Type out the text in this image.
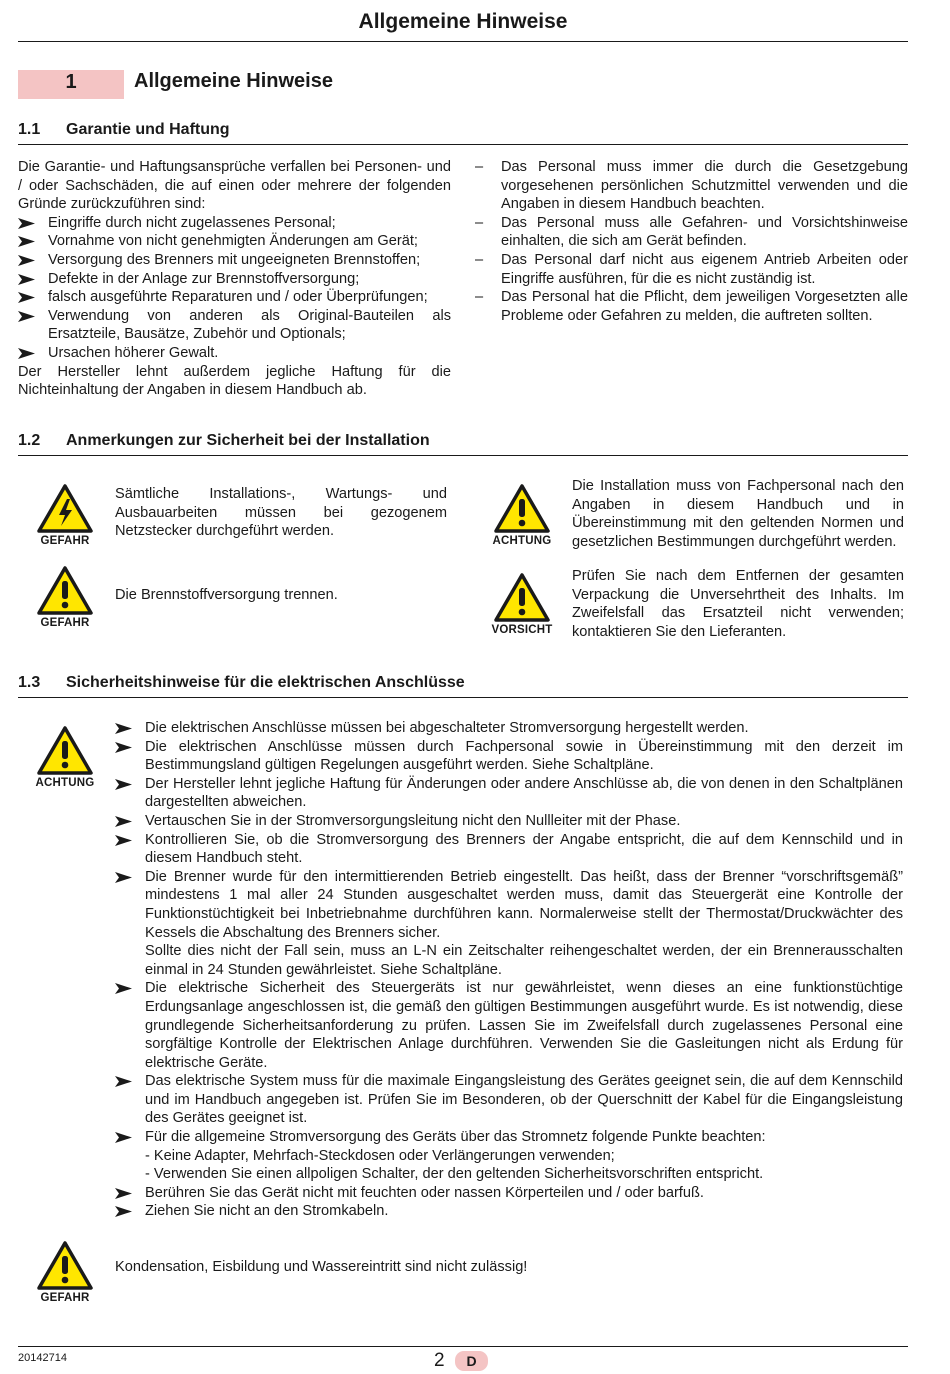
Allgemeine Hinweise
1	Allgemeine Hinweise
1.1 Garantie und Haftung
Die Garantie- und Haftungsansprüche verfallen bei Personen- und / oder Sachschäden, die auf einen oder mehrere der folgenden Gründe zurückzuführen sind:
Eingriffe durch nicht zugelassenes Personal;
Vornahme von nicht genehmigten Änderungen am Gerät;
Versorgung des Brenners mit ungeeigneten Brennstoffen;
Defekte in der Anlage zur Brennstoffversorgung;
falsch ausgeführte Reparaturen und / oder Überprüfungen;
Verwendung von anderen als Original-Bauteilen als Ersatzteile, Bausätze, Zubehör und Optionals;
Ursachen höherer Gewalt.
Der Hersteller lehnt außerdem jegliche Haftung für die Nichteinhaltung der Angaben in diesem Handbuch ab.
– Das Personal muss immer die durch die Gesetzgebung vorgesehenen persönlichen Schutzmittel verwenden und die Angaben in diesem Handbuch beachten.
– Das Personal muss alle Gefahren- und Vorsichtshinweise einhalten, die sich am Gerät befinden.
– Das Personal darf nicht aus eigenem Antrieb Arbeiten oder Eingriffe ausführen, für die es nicht zuständig ist.
– Das Personal hat die Pflicht, dem jeweiligen Vorgesetzten alle Probleme oder Gefahren zu melden, die auftreten sollten.
1.2 Anmerkungen zur Sicherheit bei der Installation
GEFAHR
Sämtliche Installations-, Wartungs- und Ausbauarbeiten müssen bei gezogenem Netzstecker durchgeführt werden.
GEFAHR
Die Brennstoffversorgung trennen.
ACHTUNG
Die Installation muss von Fachpersonal nach den Angaben in diesem Handbuch und in Übereinstimmung mit den geltenden Normen und gesetzlichen Bestimmungen durchgeführt werden.
VORSICHT
Prüfen Sie nach dem Entfernen der gesamten Verpackung die Unversehrtheit des Inhalts. Im Zweifelsfall das Ersatzteil nicht verwenden; kontaktieren Sie den Lieferanten.
1.3 Sicherheitshinweise für die elektrischen Anschlüsse
ACHTUNG
Die elektrischen Anschlüsse müssen bei abgeschalteter Stromversorgung hergestellt werden.
Die elektrischen Anschlüsse müssen durch Fachpersonal sowie in Übereinstimmung mit den derzeit im Bestimmungsland gültigen Regelungen ausgeführt werden. Siehe Schaltpläne.
Der Hersteller lehnt jegliche Haftung für Änderungen oder andere Anschlüsse ab, die von denen in den Schaltplänen dargestellten abweichen.
Vertauschen Sie in der Stromversorgungsleitung nicht den Nullleiter mit der Phase.
Kontrollieren Sie, ob die Stromversorgung des Brenners der Angabe entspricht, die auf dem Kennschild und in diesem Handbuch steht.
Die Brenner wurde für den intermittierenden Betrieb eingestellt. Das heißt, dass der Brenner “vorschriftsgemäß” mindestens 1 mal aller 24 Stunden ausgeschaltet werden muss, damit das Steuergerät eine Kontrolle der Funktionstüchtigkeit bei Inbetriebnahme durchführen kann. Normalerweise stellt der Thermostat/Druckwächter des Kessels die Abschaltung des Brenners sicher.
Sollte dies nicht der Fall sein, muss an L-N ein Zeitschalter reihengeschaltet werden, der ein Brennerausschalten einmal in 24 Stunden gewährleistet. Siehe Schaltpläne.
Die elektrische Sicherheit des Steuergeräts ist nur gewährleistet, wenn dieses an eine funktionstüchtige Erdungsanlage angeschlossen ist, die gemäß den gültigen Bestimmungen ausgeführt wurde. Es ist notwendig, diese grundlegende Sicherheitsanforderung zu prüfen. Lassen Sie im Zweifelsfall durch zugelassenes Personal eine sorgfältige Kontrolle der Elektrischen Anlage durchführen. Verwenden Sie die Gasleitungen nicht als Erdung für elektrische Geräte.
Das elektrische System muss für die maximale Eingangsleistung des Gerätes geeignet sein, die auf dem Kennschild und im Handbuch angegeben ist. Prüfen Sie im Besonderen, ob der Querschnitt der Kabel für die Eingangsleistung des Gerätes geeignet ist.
Für die allgemeine Stromversorgung des Geräts über das Stromnetz folgende Punkte beachten:
- Keine Adapter, Mehrfach-Steckdosen oder Verlängerungen verwenden;
- Verwenden Sie einen allpoligen Schalter, der den geltenden Sicherheitsvorschriften entspricht.
Berühren Sie das Gerät nicht mit feuchten oder nassen Körperteilen und / oder barfuß.
Ziehen Sie nicht an den Stromkabeln.
GEFAHR
Kondensation, Eisbildung und Wassereintritt sind nicht zulässig!
20142714	2	D
